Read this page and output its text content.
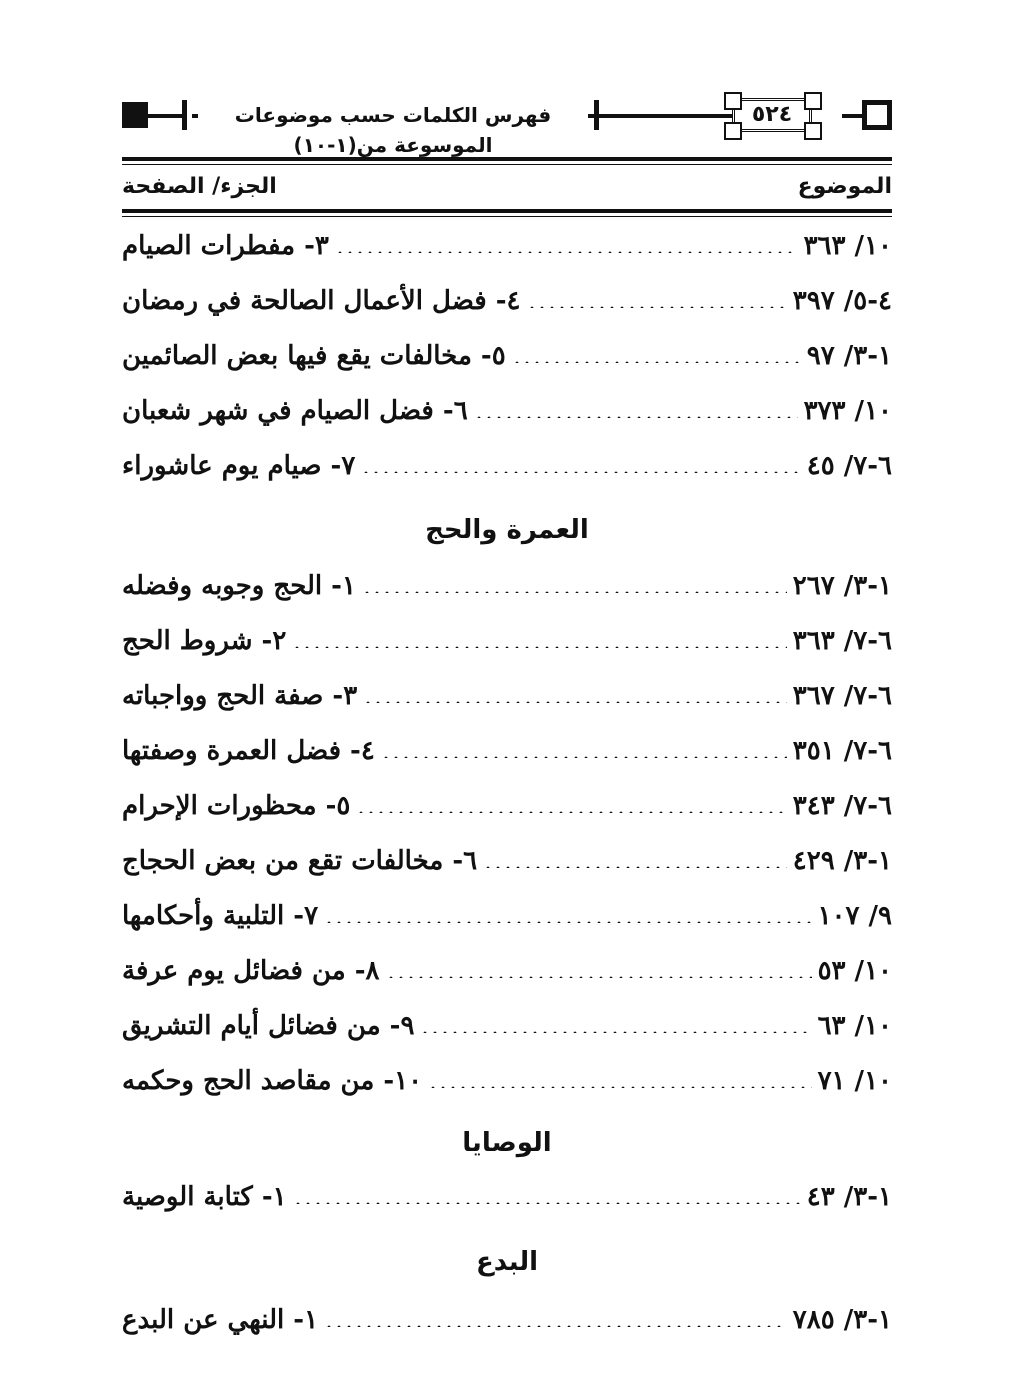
فهرس الكلمات حسب موضوعات الموسوعة من(١-١٠)
٥٢٤
الموضوع
الجزء/ الصفحة
٣- مفطرات الصيام	١٠/ ٣٦٣
٤- فضل الأعمال الصالحة في رمضان	٤-٥/ ٣٩٧
٥- مخالفات يقع فيها بعض الصائمين	١-٣/ ٩٧
٦- فضل الصيام في شهر شعبان	١٠/ ٣٧٣
٧- صيام يوم عاشوراء	٦-٧/ ٤٥
العمرة والحج
١- الحج وجوبه وفضله	١-٣/ ٢٦٧
٢- شروط الحج	٦-٧/ ٣٦٣
٣- صفة الحج وواجباته	٦-٧/ ٣٦٧
٤- فضل العمرة وصفتها	٦-٧/ ٣٥١
٥- محظورات الإحرام	٦-٧/ ٣٤٣
٦- مخالفات تقع من بعض الحجاج	١-٣/ ٤٢٩
٧- التلبية وأحكامها	٩/ ١٠٧
٨- من فضائل يوم عرفة	١٠/ ٥٣
٩- من فضائل أيام التشريق	١٠/ ٦٣
١٠- من مقاصد الحج وحكمه	١٠/ ٧١
الوصايا
١- كتابة الوصية	١-٣/ ٤٣
البدع
١- النهي عن البدع	١-٣/ ٧٨٥
